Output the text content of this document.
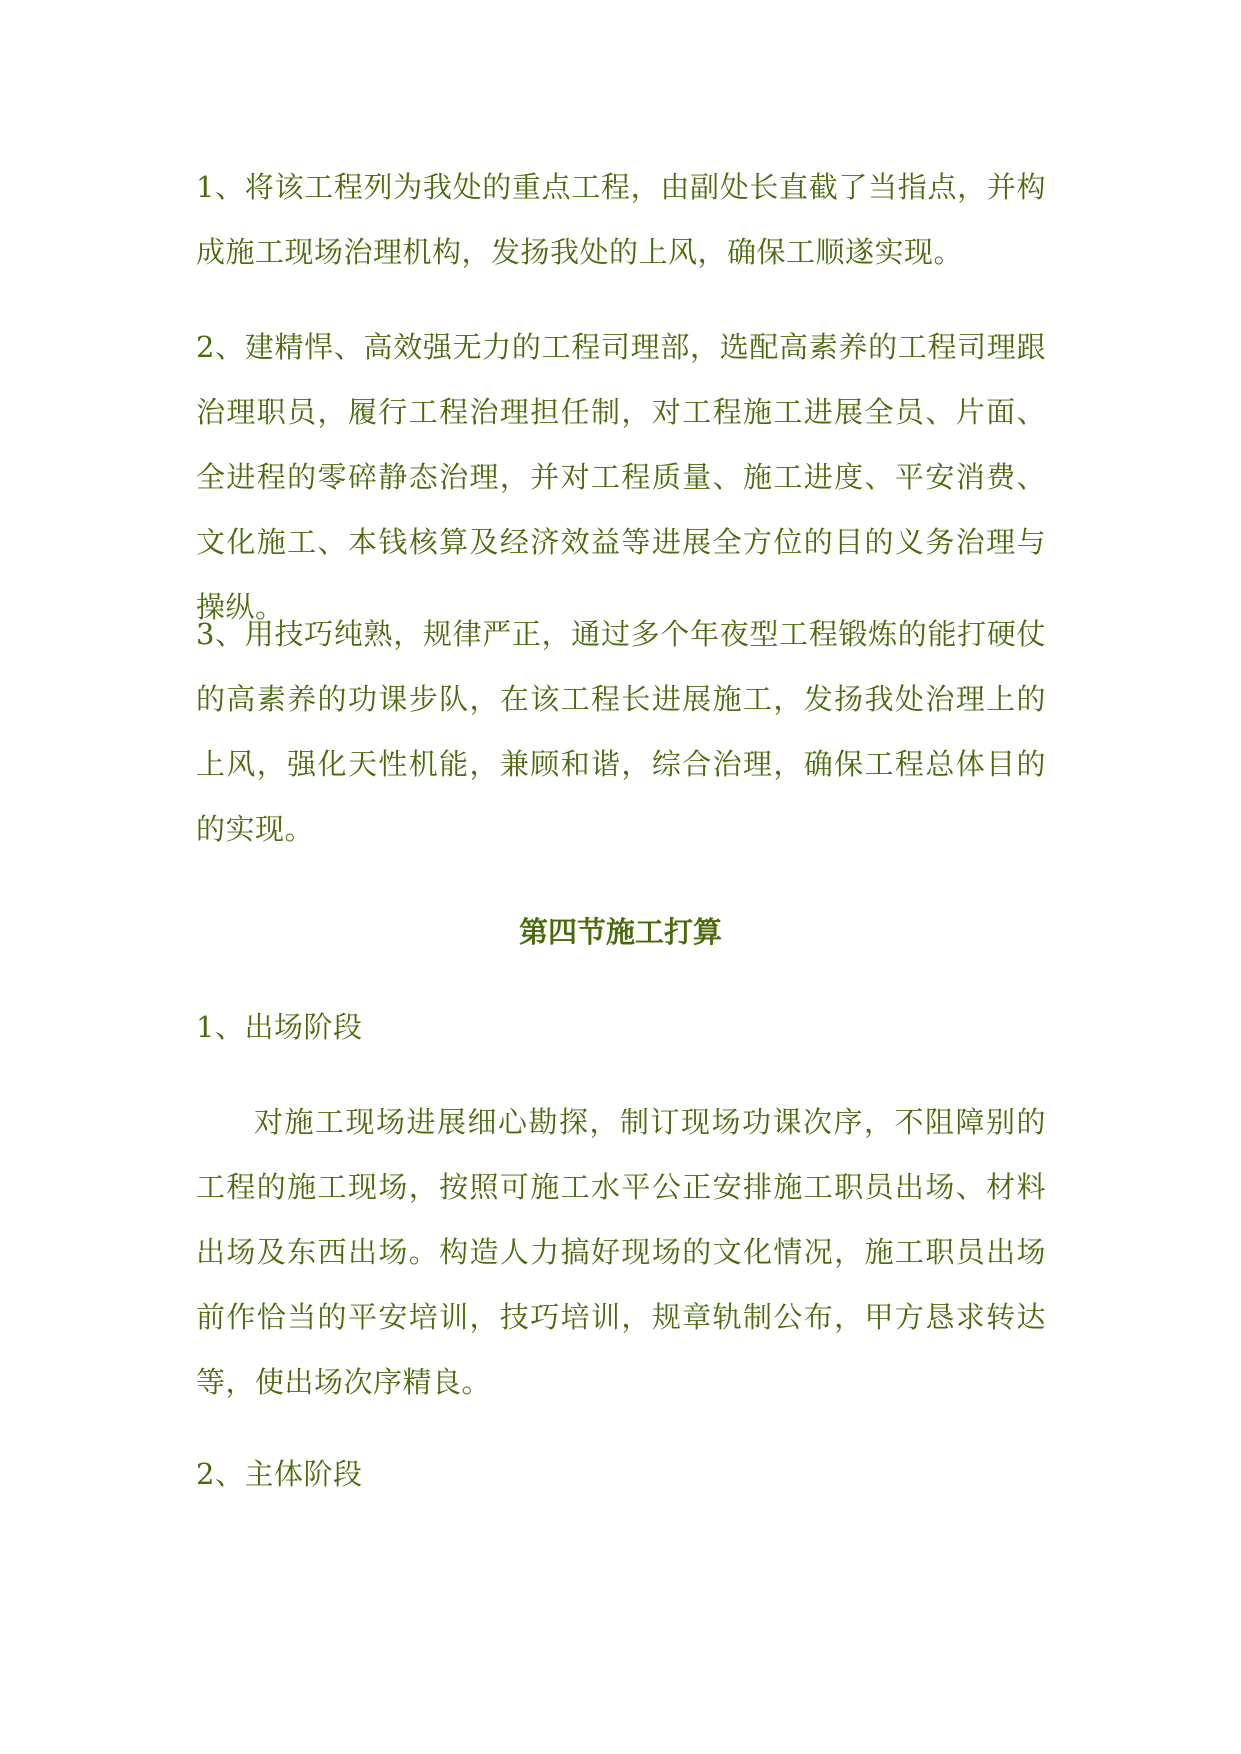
1、将该工程列为我处的重点工程，由副处长直截了当指点，并构成施工现场治理机构，发扬我处的上风，确保工顺遂实现。

2、建精悍、高效强无力的工程司理部，选配高素养的工程司理跟治理职员，履行工程治理担任制，对工程施工进展全员、片面、全进程的零碎静态治理，并对工程质量、施工进度、平安消费、文化施工、本钱核算及经济效益等进展全方位的目的义务治理与操纵。

3、用技巧纯熟，规律严正，通过多个年夜型工程锻炼的能打硬仗的高素养的功课步队，在该工程长进展施工，发扬我处治理上的上风，强化天性机能，兼顾和谐，综合治理，确保工程总体目的的实现。

第四节施工打算

1、出场阶段

对施工现场进展细心勘探，制订现场功课次序，不阻障别的工程的施工现场，按照可施工水平公正安排施工职员出场、材料出场及东西出场。构造人力搞好现场的文化情况，施工职员出场前作恰当的平安培训，技巧培训，规章轨制公布，甲方恳求转达等，使出场次序精良。

2、主体阶段
